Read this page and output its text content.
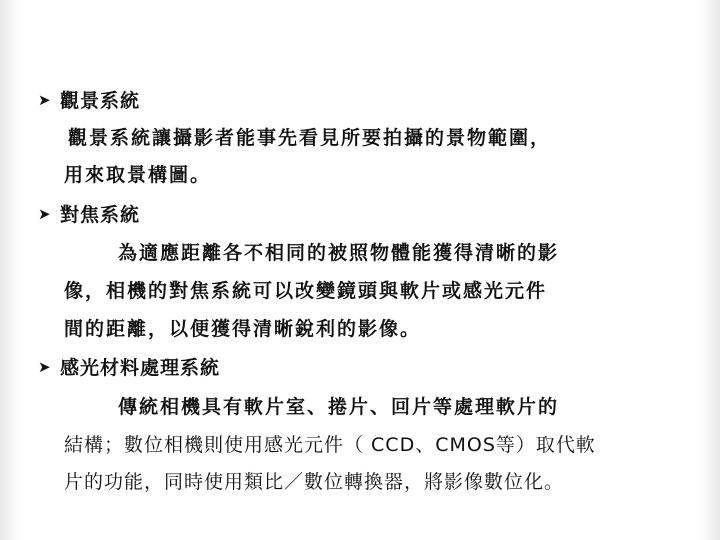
➤ 觀景系統
觀景系統讓攝影者能事先看見所要拍攝的景物範圍，
用來取景構圖。
➤ 對焦系統
為適應距離各不相同的被照物體能獲得清晰的影
像，相機的對焦系統可以改變鏡頭與軟片或感光元件
間的距離，以便獲得清晰銳利的影像。
➤ 感光材料處理系統
傳統相機具有軟片室、捲片、回片等處理軟片的
結構；數位相機則使用感光元件（ CCD、CMOS等）取代軟
片的功能，同時使用類比／數位轉換器，將影像數位化。
